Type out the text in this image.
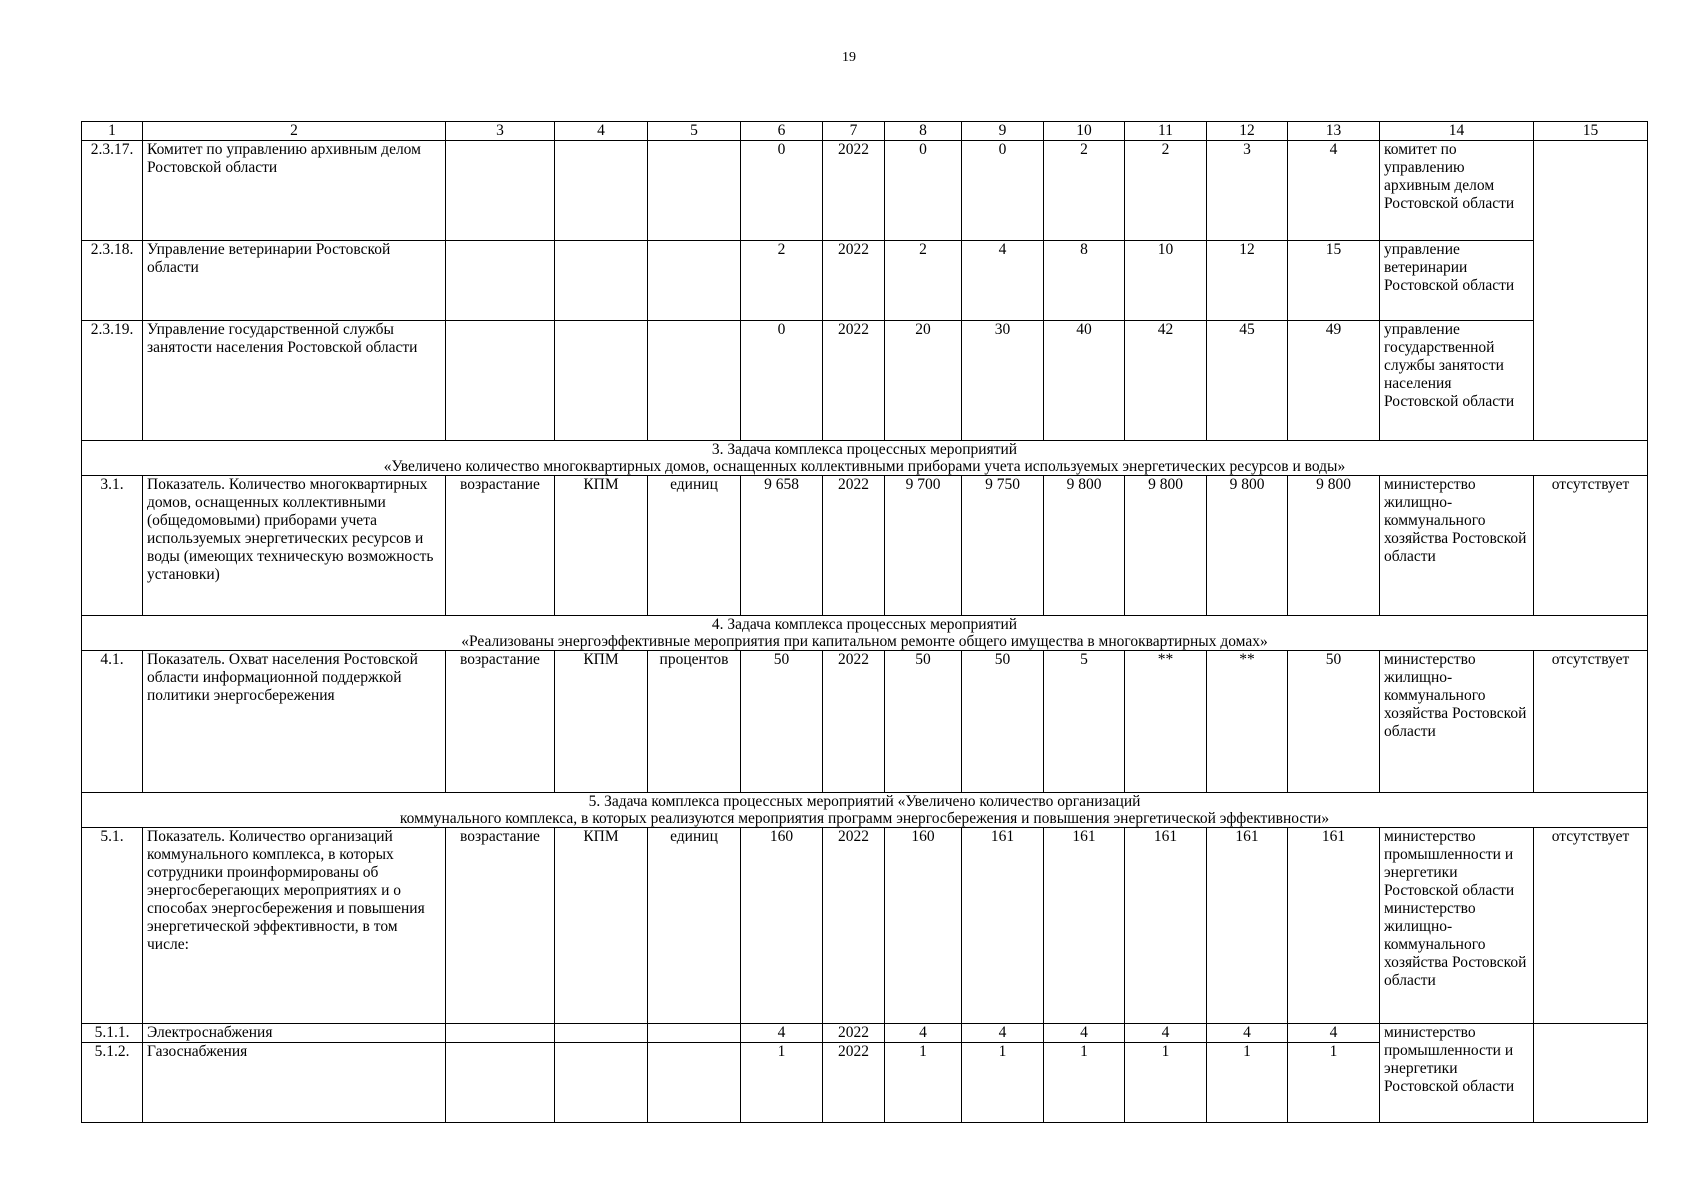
19
1	2	3	4	5	6	7	8	9	10	11	12	13	14	15
2.3.17.	Комитет по управлению архивным делом Ростовской области				0	2022	0	0	2	2	3	4	комитет по управлению архивным делом Ростовской области	
2.3.18.	Управление ветеринарии Ростовской области				2	2022	2	4	8	10	12	15	управление ветеринарии Ростовской области	
2.3.19.	Управление государственной службы занятости населения Ростовской области				0	2022	20	30	40	42	45	49	управление государственной службы занятости населения Ростовской области	

3. Задача комплекса процессных мероприятий
«Увеличено количество многоквартирных домов, оснащенных коллективными приборами учета используемых энергетических ресурсов и воды»														

3.1.	Показатель. Количество многоквартирных домов, оснащенных коллективными (общедомовыми) приборами учета используемых энергетических ресурсов и воды (имеющих техническую возможность установки)	возрастание	КПМ	единиц	9 658	2022	9 700	9 750	9 800	9 800	9 800	9 800	министерство жилищно-коммунального хозяйства Ростовской области	отсутствует

4. Задача комплекса процессных мероприятий
«Реализованы энергоэффективные мероприятия при капитальном ремонте общего имущества в многоквартирных домах»														

4.1.	Показатель. Охват населения Ростовской области информационной поддержкой политики энергосбережения	возрастание	КПМ	процентов	50	2022	50	50	5	**	**	50	министерство жилищно-коммунального хозяйства Ростовской области	отсутствует

5. Задача комплекса процессных мероприятий «Увеличено количество организаций
коммунального комплекса, в которых реализуются мероприятия программ энергосбережения и повышения энергетической эффективности»														

5.1.	Показатель. Количество организаций коммунального комплекса, в которых сотрудники проинформированы об энергосберегающих мероприятиях и о способах энергосбережения и повышения энергетической эффективности, в том числе:	возрастание	КПМ	единиц	160	2022	160	161	161	161	161	161	министерство промышленности и энергетики Ростовской области министерство жилищно-коммунального хозяйства Ростовской области	отсутствует
5.1.1.	Электроснабжения				4	2022	4	4	4	4	4	4	министерство промышленности и энергетики Ростовской области	
5.1.2.	Газоснабжения				1	2022	1	1	1	1	1	1		
